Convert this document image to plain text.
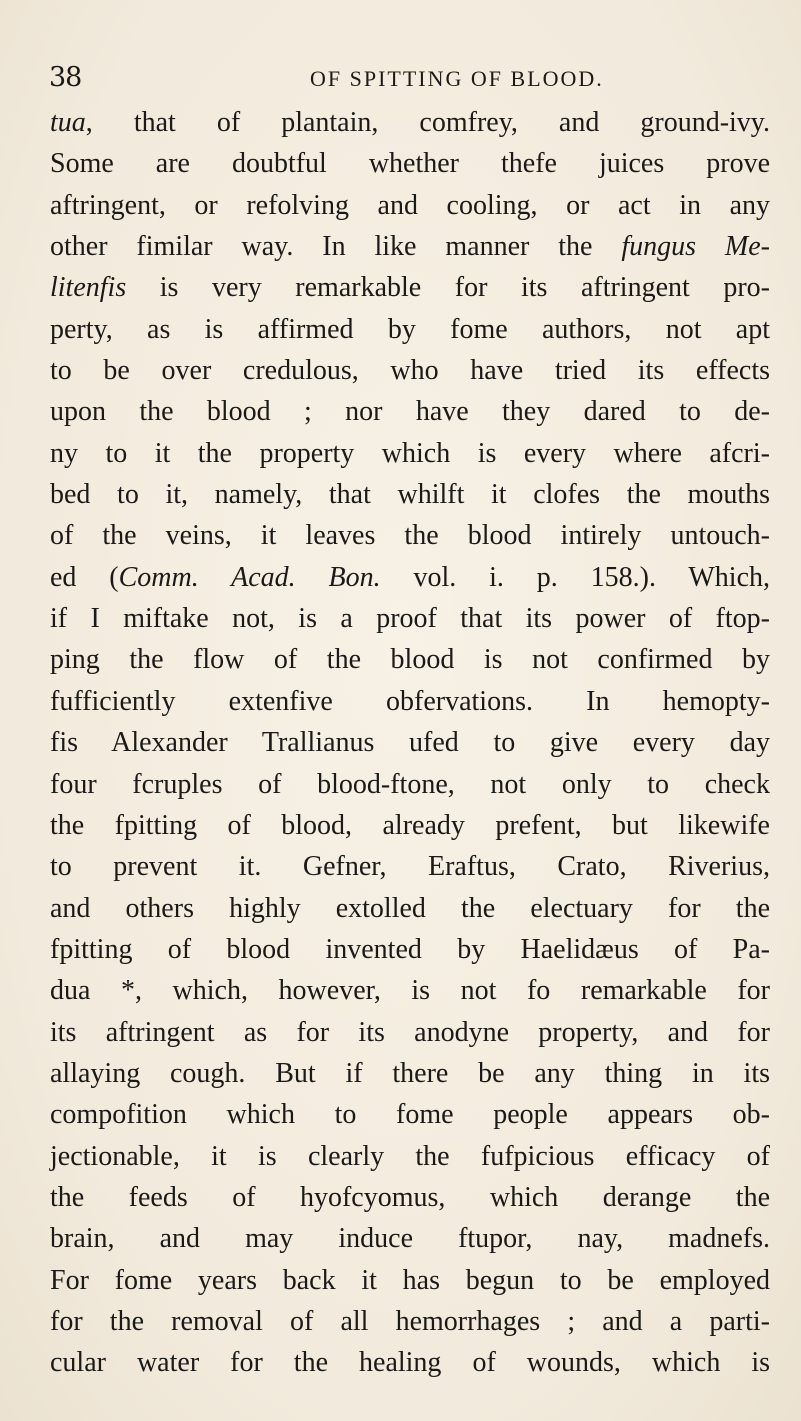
38	OF SPITTING OF BLOOD.
tua, that of plantain, comfrey, and ground-ivy.
Some are doubtful whether thefe juices prove
aftringent, or refolving and cooling, or act in any
other fimilar way. In like manner the fungus Me-
litenfis is very remarkable for its aftringent pro-
perty, as is affirmed by fome authors, not apt
to be over credulous, who have tried its effects
upon the blood ; nor have they dared to de-
ny to it the property which is every where afcri-
bed to it, namely, that whilft it clofes the mouths
of the veins, it leaves the blood intirely untouch-
ed (Comm. Acad. Bon. vol. i. p. 158.). Which,
if I miftake not, is a proof that its power of ftop-
ping the flow of the blood is not confirmed by
fufficiently extenfive obfervations. In hemopty-
fis Alexander Trallianus ufed to give every day
four fcruples of blood-ftone, not only to check
the fpitting of blood, already prefent, but likewife
to prevent it. Gefner, Eraftus, Crato, Riverius,
and others highly extolled the electuary for the
fpitting of blood invented by Haelidæus of Pa-
dua *, which, however, is not fo remarkable for
its aftringent as for its anodyne property, and for
allaying cough. But if there be any thing in its
compofition which to fome people appears ob-
jectionable, it is clearly the fufpicious efficacy of
the feeds of hyofcyomus, which derange the
brain, and may induce ftupor, nay, madnefs.
For fome years back it has begun to be employed
for the removal of all hemorrhages ; and a parti-
cular water for the healing of wounds, which is
